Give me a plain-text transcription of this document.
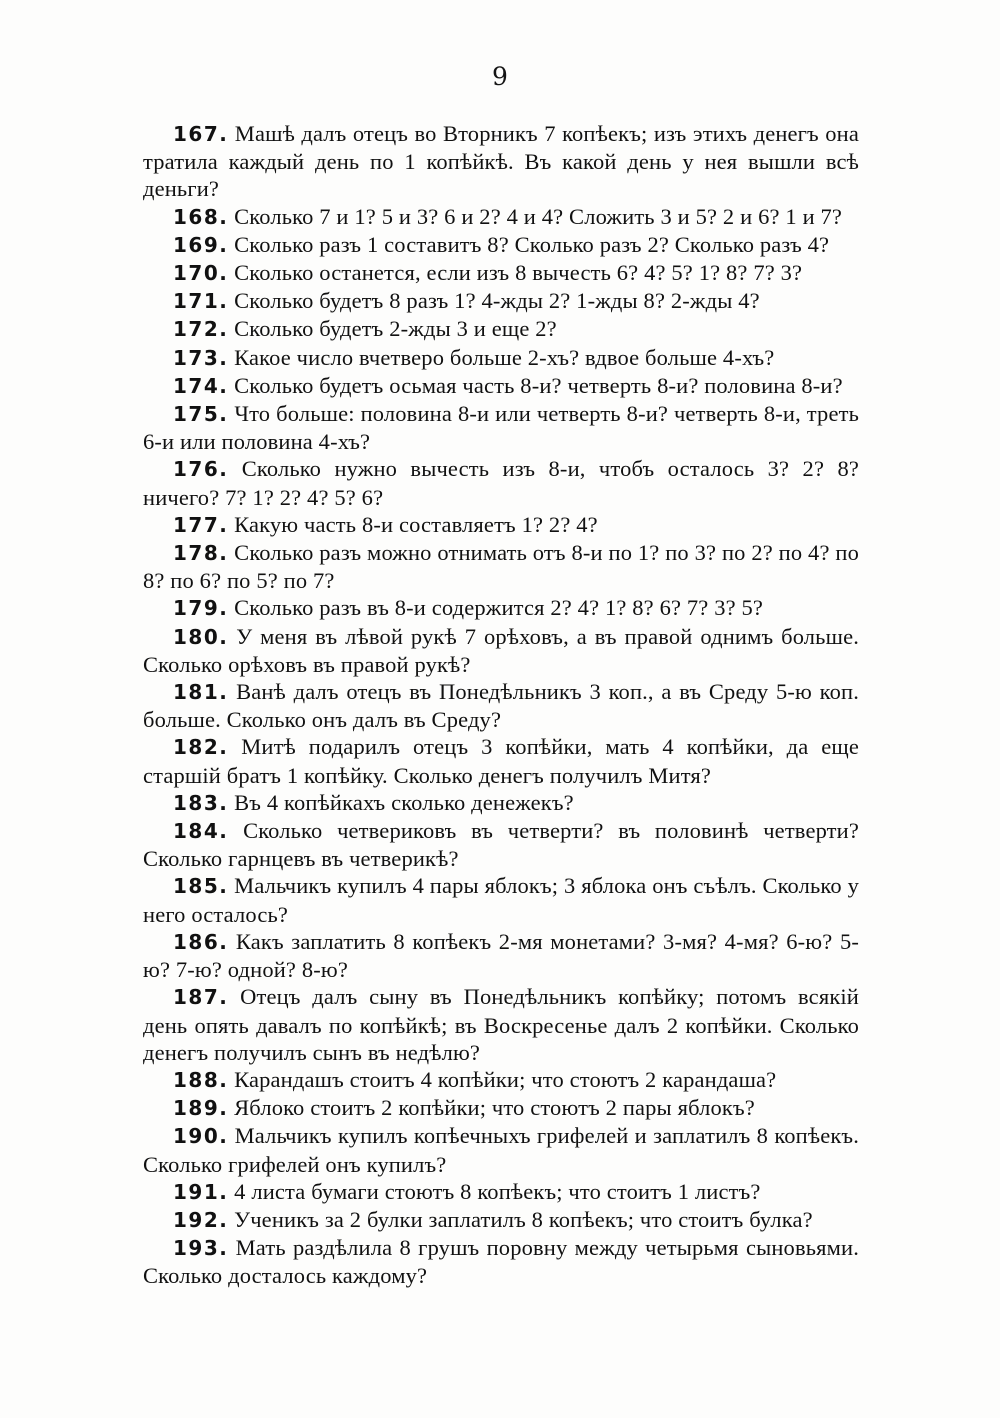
9

167. Машѣ далъ отецъ во Вторникъ 7 копѣекъ; изъ этихъ денегъ она тратила каждый день по 1 копѣйкѣ. Въ какой день у нея вышли всѣ деньги?

168. Сколько 7 и 1? 5 и 3? 6 и 2? 4 и 4? Сложить 3 и 5? 2 и 6? 1 и 7?

169. Сколько разъ 1 составитъ 8? Сколько разъ 2? Сколько разъ 4?

170. Сколько останется, если изъ 8 вычесть 6? 4? 5? 1? 8? 7? 3?

171. Сколько будетъ 8 разъ 1? 4-жды 2? 1-жды 8? 2-жды 4?

172. Сколько будетъ 2-жды 3 и еще 2?

173. Какое число вчетверо больше 2-хъ? вдвое больше 4-хъ?

174. Сколько будетъ осьмая часть 8-и? четверть 8-и? половина 8-и?

175. Что больше: половина 8-и или четверть 8-и? четверть 8-и, треть 6-и или половина 4-хъ?

176. Сколько нужно вычесть изъ 8-и, чтобъ осталось 3? 2? 8? ничего? 7? 1? 2? 4? 5? 6?

177. Какую часть 8-и составляетъ 1? 2? 4?

178. Сколько разъ можно отнимать отъ 8-и по 1? по 3? по 2? по 4? по 8? по 6? по 5? по 7?

179. Сколько разъ въ 8-и содержится 2? 4? 1? 8? 6? 7? 3? 5?

180. У меня въ лѣвой рукѣ 7 орѣховъ, а въ правой однимъ больше. Сколько орѣховъ въ правой рукѣ?

181. Ванѣ далъ отецъ въ Понедѣльникъ 3 коп., а въ Среду 5-ю коп. больше. Сколько онъ далъ въ Среду?

182. Митѣ подарилъ отецъ 3 копѣйки, мать 4 копѣйки, да еще старшій братъ 1 копѣйку. Сколько денегъ получилъ Митя?

183. Въ 4 копѣйкахъ сколько денежекъ?

184. Сколько четвериковъ въ четверти? въ половинѣ четверти? Сколько гарнцевъ въ четверикѣ?

185. Мальчикъ купилъ 4 пары яблокъ; 3 яблока онъ съѣлъ. Сколько у него осталось?

186. Какъ заплатить 8 копѣекъ 2-мя монетами? 3-мя? 4-мя? 6-ю? 5-ю? 7-ю? одной? 8-ю?

187. Отецъ далъ сыну въ Понедѣльникъ копѣйку; потомъ всякій день опять давалъ по копѣйкѣ; въ Воскресенье далъ 2 копѣйки. Сколько денегъ получилъ сынъ въ недѣлю?

188. Карандашъ стоитъ 4 копѣйки; что стоютъ 2 карандаша?

189. Яблоко стоитъ 2 копѣйки; что стоютъ 2 пары яблокъ?

190. Мальчикъ купилъ копѣечныхъ грифелей и заплатилъ 8 копѣекъ. Сколько грифелей онъ купилъ?

191. 4 листа бумаги стоютъ 8 копѣекъ; что стоитъ 1 листъ?

192. Ученикъ за 2 булки заплатилъ 8 копѣекъ; что стоитъ булка?

193. Мать раздѣлила 8 грушъ поровну между четырьмя сыновьями. Сколько досталось каждому?
